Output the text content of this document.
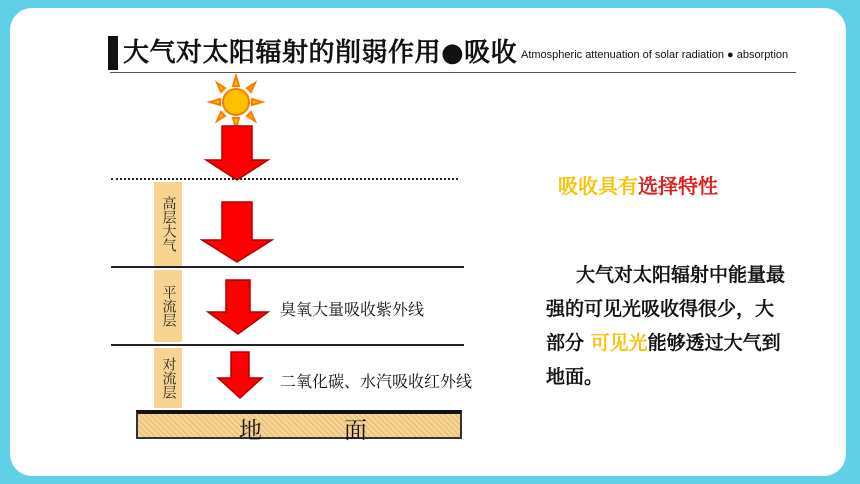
大气对太阳辐射的削弱作用●吸收 Atmospheric attenuation of solar radiation ● absorption
高层大气
平流层
对流层
臭氧大量吸收紫外线
二氧化碳、水汽吸收红外线
地	面
吸收具有选择特性
大气对太阳辐射中能量最强的可见光吸收得很少，大部分 可见光能够透过大气到地面。
